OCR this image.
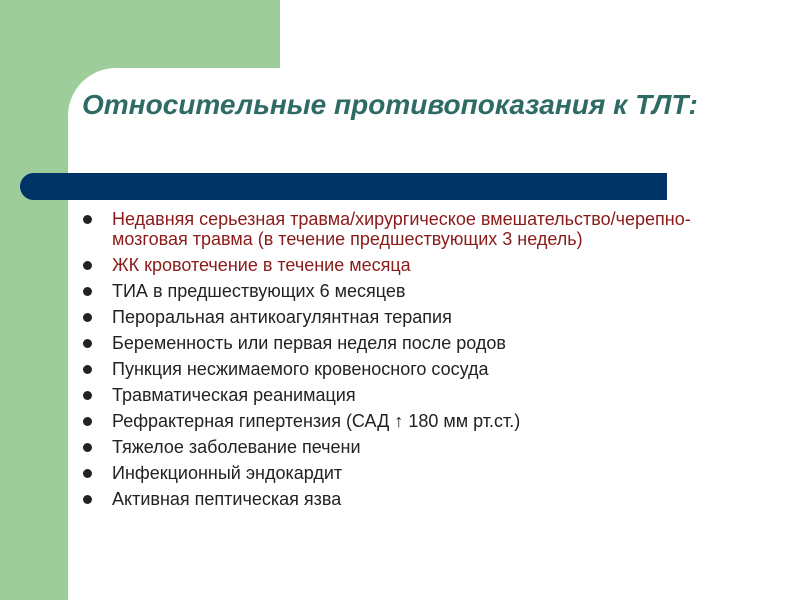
Относительные противопоказания к ТЛТ:
Недавняя серьезная травма/хирургическое вмешательство/черепно-мозговая травма (в течение предшествующих 3 недель)
ЖК кровотечение в течение месяца
ТИА в предшествующих 6 месяцев
Пероральная антикоагулянтная терапия
Беременность или первая неделя после родов
Пункция несжимаемого кровеносного сосуда
Травматическая реанимация
Рефрактерная гипертензия (САД ↑ 180 мм рт.ст.)
Тяжелое заболевание печени
Инфекционный эндокардит
Активная пептическая язва
